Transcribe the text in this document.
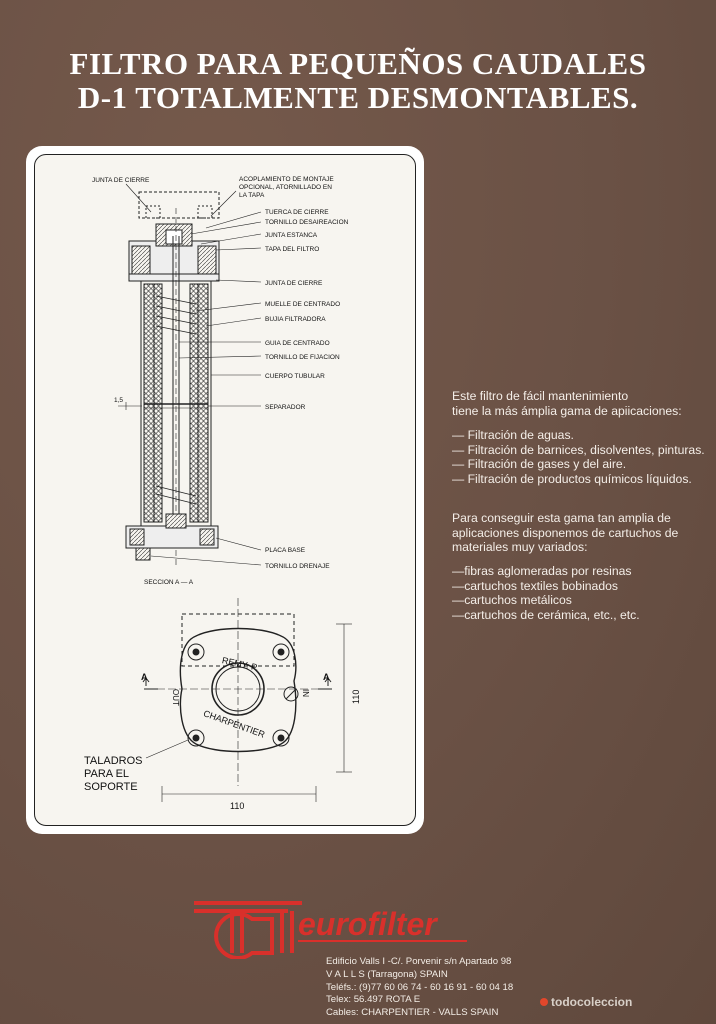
FILTRO PARA PEQUEÑOS CAUDALES
D-1 TOTALMENTE DESMONTABLES.
JUNTA DE CIERRE	ACOPLAMIENTO DE MONTAJE
OPCIONAL, ATORNILLADO EN
LA TAPA
TUERCA DE CIERRE
TORNILLO DESAIREACION
JUNTA ESTANCA
TAPA DEL FILTRO
JUNTA DE CIERRE
MUELLE DE CENTRADO
BUJIA FILTRADORA
GUIA DE CENTRADO
TORNILLO DE FIJACION
CUERPO TUBULAR
SEPARADOR
PLACA BASE
TORNILLO DRENAJE
1,5
SECCION A — A
REMY. P.
CHARPENTIER
OUT	IN
A	A
110
110
TALADROS
PARA EL
SOPORTE
Este filtro de fácil mantenimiento
tiene la más ámplia gama de apiicaciones:
— Filtración de aguas.
— Filtración de barnices, disolventes, pinturas.
— Filtración de gases y del aire.
— Filtración de productos químicos líquidos.
Para conseguir esta gama tan amplia de
aplicaciones disponemos de cartuchos de
materiales muy variados:
—fibras aglomeradas por resinas
—cartuchos textiles bobinados
—cartuchos metálicos
—cartuchos de cerámica, etc., etc.
eurofilter
Edificio Valls I -C/. Porvenir s/n Apartado 98
V A L L S (Tarragona) SPAIN
Teléfs.: (9)77 60 06 74 - 60 16 91 - 60 04 18
Telex: 56.497 ROTA E
Cables: CHARPENTIER - VALLS SPAIN
todocoleccion
